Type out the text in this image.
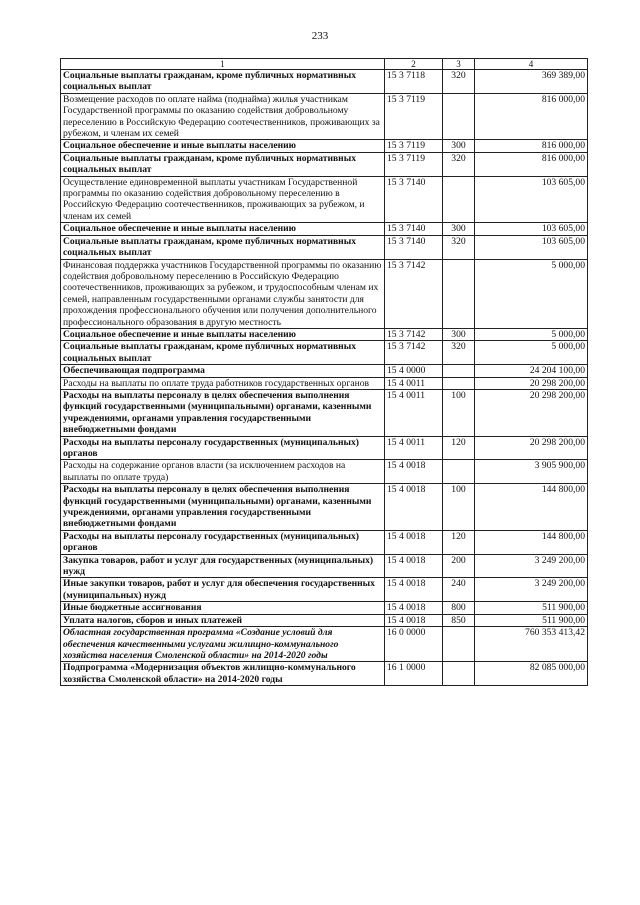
233
1	2	3	4
Социальные выплаты гражданам, кроме публичных нормативных социальных выплат	15 3 7118	320	369 389,00
Возмещение расходов по оплате найма (поднайма) жилья участникам Государственной программы по оказанию содействия добровольному переселению в Российскую Федерацию соотечественников, проживающих за рубежом, и членам их семей	15 3 7119		816 000,00
Социальное обеспечение и иные выплаты населению	15 3 7119	300	816 000,00
Социальные выплаты гражданам, кроме публичных нормативных социальных выплат	15 3 7119	320	816 000,00
Осуществление единовременной выплаты участникам Государственной программы по оказанию содействия добровольному переселению в Российскую Федерацию соотечественников, проживающих за рубежом, и членам их семей	15 3 7140		103 605,00
Социальное обеспечение и иные выплаты населению	15 3 7140	300	103 605,00
Социальные выплаты гражданам, кроме публичных нормативных социальных выплат	15 3 7140	320	103 605,00
Финансовая поддержка участников Государственной программы по оказанию содействия добровольному переселению в Российскую Федерацию соотечественников, проживающих за рубежом, и трудоспособным членам их семей, направленным государственными органами службы занятости для прохождения профессионального обучения или получения дополнительного профессионального образования в другую местность	15 3 7142		5 000,00
Социальное обеспечение и иные выплаты населению	15 3 7142	300	5 000,00
Социальные выплаты гражданам, кроме публичных нормативных социальных выплат	15 3 7142	320	5 000,00
Обеспечивающая подпрограмма	15 4 0000		24 204 100,00
Расходы на выплаты по оплате труда работников государственных органов	15 4 0011		20 298 200,00
Расходы на выплаты персоналу в целях обеспечения выполнения функций государственными (муниципальными) органами, казенными учреждениями, органами управления государственными внебюджетными фондами	15 4 0011	100	20 298 200,00
Расходы на выплаты персоналу государственных (муниципальных) органов	15 4 0011	120	20 298 200,00
Расходы на содержание органов власти (за исключением расходов на выплаты по оплате труда)	15 4 0018		3 905 900,00
Расходы на выплаты персоналу в целях обеспечения выполнения функций государственными (муниципальными) органами, казенными учреждениями, органами управления государственными внебюджетными фондами	15 4 0018	100	144 800,00
Расходы на выплаты персоналу государственных (муниципальных) органов	15 4 0018	120	144 800,00
Закупка товаров, работ и услуг для государственных (муниципальных) нужд	15 4 0018	200	3 249 200,00
Иные закупки товаров, работ и услуг для обеспечения государственных (муниципальных) нужд	15 4 0018	240	3 249 200,00
Иные бюджетные ассигнования	15 4 0018	800	511 900,00
Уплата налогов, сборов и иных платежей	15 4 0018	850	511 900,00
Областная государственная программа «Создание условий для обеспечения качественными услугами жилищно-коммунального хозяйства населения Смоленской области» на 2014-2020 годы	16 0 0000		760 353 413,42
Подпрограмма «Модернизация объектов жилищно-коммунального хозяйства Смоленской области» на 2014-2020 годы	16 1 0000		82 085 000,00
